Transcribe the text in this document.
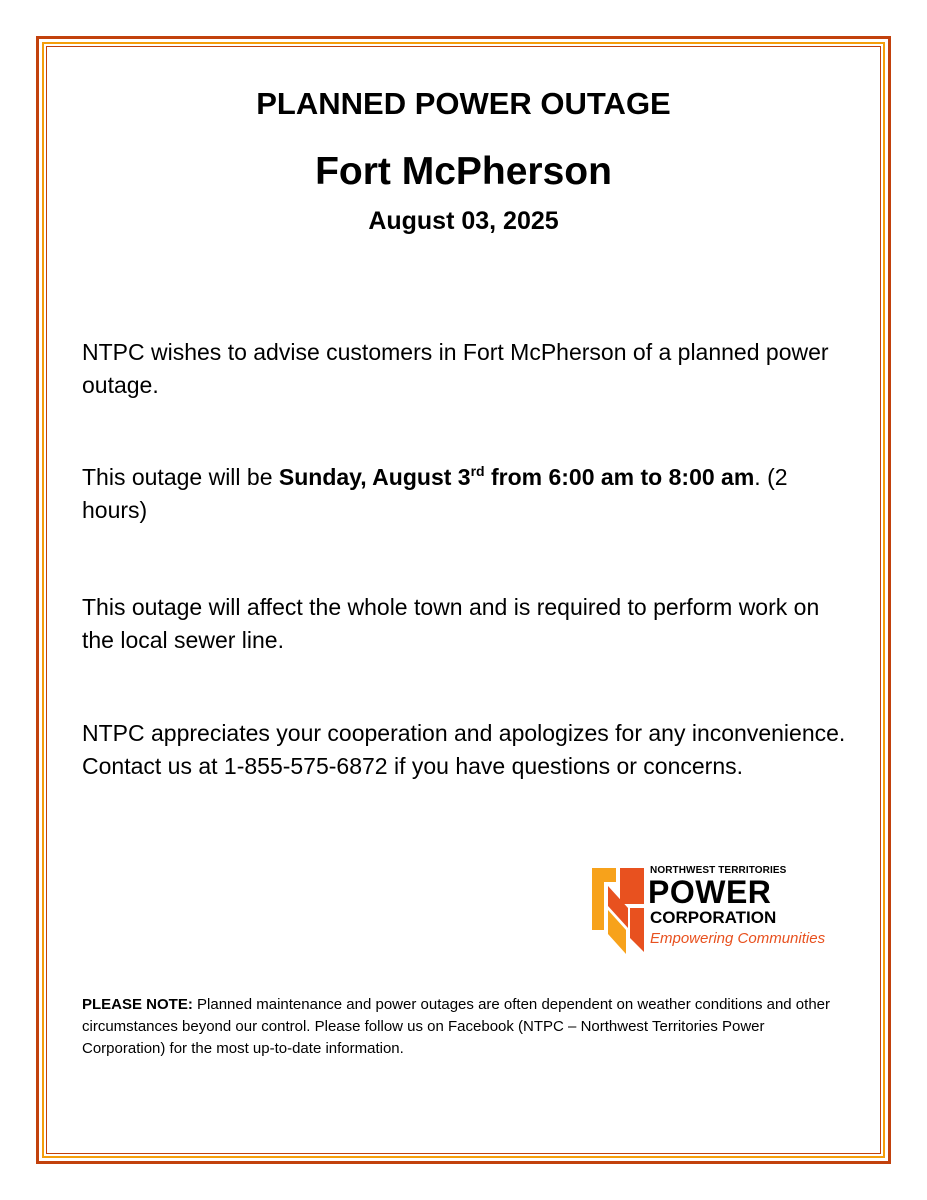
PLANNED POWER OUTAGE
Fort McPherson
August 03, 2025
NTPC wishes to advise customers in Fort McPherson of a planned power outage.
This outage will be Sunday, August 3rd from 6:00 am to 8:00 am. (2 hours)
This outage will affect the whole town and is required to perform work on the local sewer line.
NTPC appreciates your cooperation and apologizes for any inconvenience. Contact us at 1-855-575-6872 if you have questions or concerns.
NORTHWEST TERRITORIES
POWER
CORPORATION
Empowering Communities
PLEASE NOTE: Planned maintenance and power outages are often dependent on weather conditions and other circumstances beyond our control. Please follow us on Facebook (NTPC – Northwest Territories Power Corporation) for the most up-to-date information.
